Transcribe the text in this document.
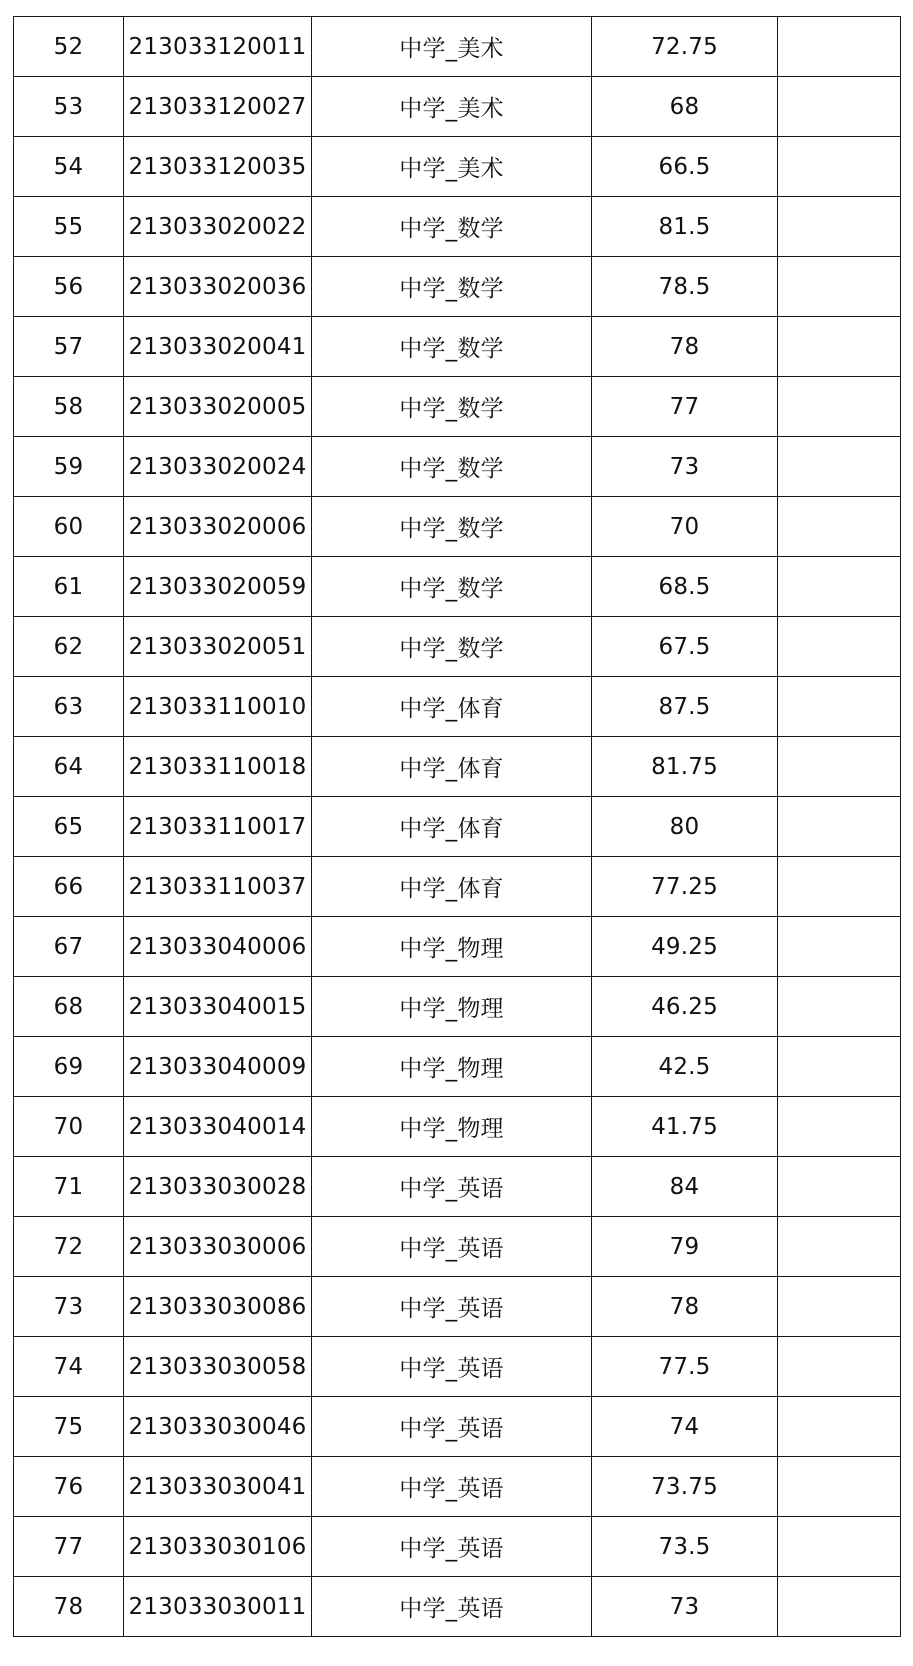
52	213033120011	中学_美术	72.75	
53	213033120027	中学_美术	68	
54	213033120035	中学_美术	66.5	
55	213033020022	中学_数学	81.5	
56	213033020036	中学_数学	78.5	
57	213033020041	中学_数学	78	
58	213033020005	中学_数学	77	
59	213033020024	中学_数学	73	
60	213033020006	中学_数学	70	
61	213033020059	中学_数学	68.5	
62	213033020051	中学_数学	67.5	
63	213033110010	中学_体育	87.5	
64	213033110018	中学_体育	81.75	
65	213033110017	中学_体育	80	
66	213033110037	中学_体育	77.25	
67	213033040006	中学_物理	49.25	
68	213033040015	中学_物理	46.25	
69	213033040009	中学_物理	42.5	
70	213033040014	中学_物理	41.75	
71	213033030028	中学_英语	84	
72	213033030006	中学_英语	79	
73	213033030086	中学_英语	78	
74	213033030058	中学_英语	77.5	
75	213033030046	中学_英语	74	
76	213033030041	中学_英语	73.75	
77	213033030106	中学_英语	73.5	
78	213033030011	中学_英语	73	
